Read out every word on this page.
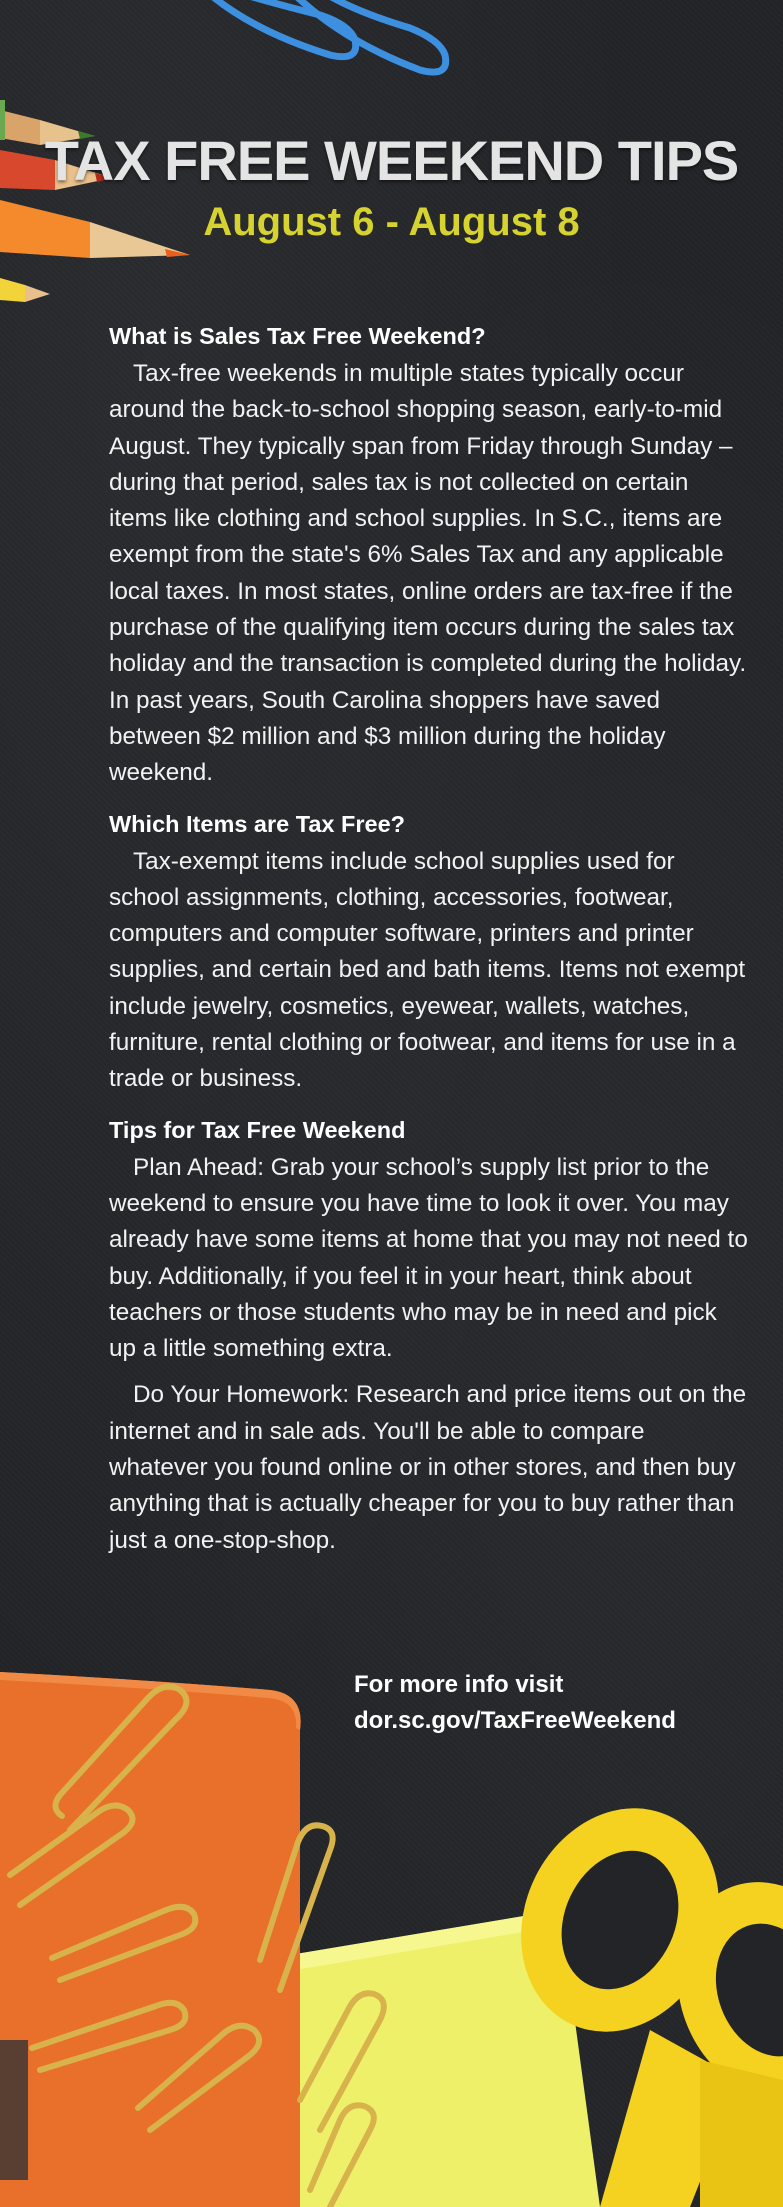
TAX FREE WEEKEND TIPS
August 6 - August 8
What is Sales Tax Free Weekend?

Tax-free weekends in multiple states typically occur around the back-to-school shopping season, early-to-mid August. They typically span from Friday through Sunday – during that period, sales tax is not collected on certain items like clothing and school supplies. In S.C., items are exempt from the state's 6% Sales Tax and any applicable local taxes. In most states, online orders are tax-free if the purchase of the qualifying item occurs during the sales tax holiday and the transaction is completed during the holiday. In past years, South Carolina shoppers have saved between $2 million and $3 million during the holiday weekend.

Which Items are Tax Free?

Tax-exempt items include school supplies used for school assignments, clothing, accessories, footwear, computers and computer software, printers and printer supplies, and certain bed and bath items. Items not exempt include jewelry, cosmetics, eyewear, wallets, watches, furniture, rental clothing or footwear, and items for use in a trade or business.

Tips for Tax Free Weekend

Plan Ahead: Grab your school’s supply list prior to the weekend to ensure you have time to look it over. You may already have some items at home that you may not need to buy. Additionally, if you feel it in your heart, think about teachers or those students who may be in need and pick up a little something extra.

Do Your Homework: Research and price items out on the internet and in sale ads. You'll be able to compare whatever you found online or in other stores, and then buy anything that is actually cheaper for you to buy rather than just a one-stop-shop.

For more info visit
dor.sc.gov/TaxFreeWeekend
